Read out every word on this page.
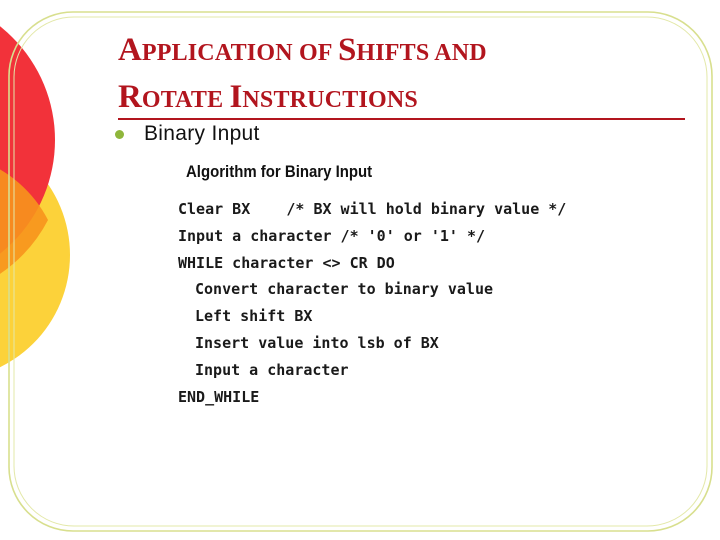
APPLICATION OF SHIFTS AND
ROTATE INSTRUCTIONS
Binary Input
Algorithm for Binary Input
Clear BX    /* BX will hold binary value */
Input a character /* '0' or '1' */
WHILE character <> CR DO
Convert character to binary value
Left shift BX
Insert value into lsb of BX
Input a character
END_WHILE
